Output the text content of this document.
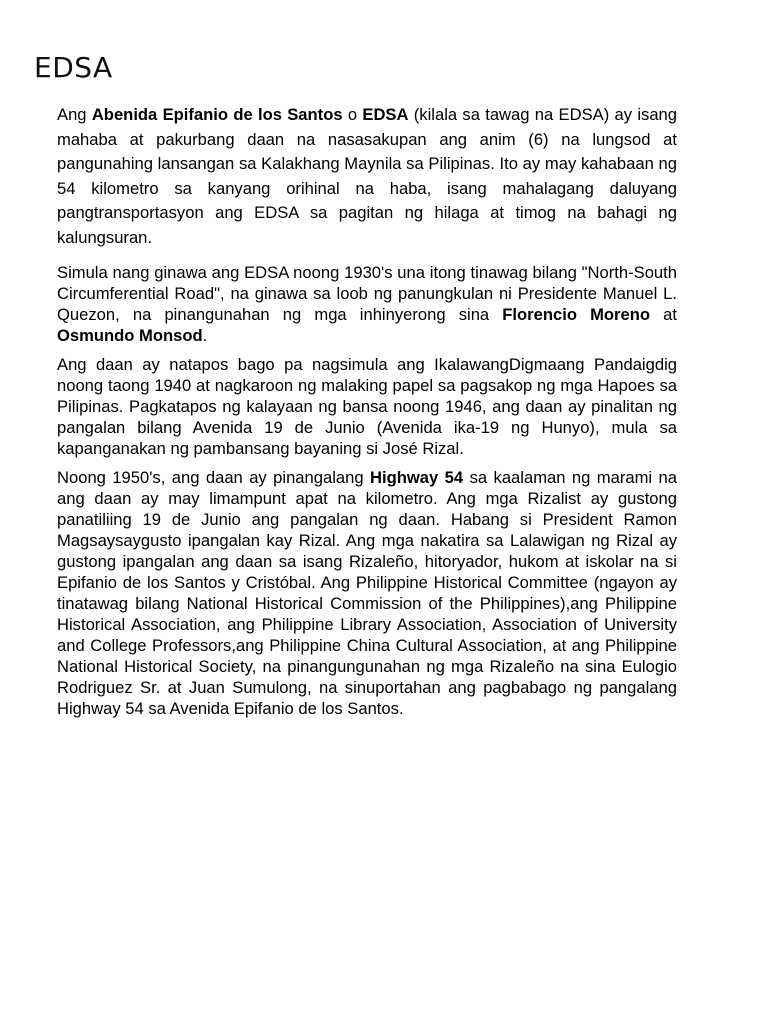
EDSA

Ang Abenida Epifanio de los Santos o EDSA (kilala sa tawag na EDSA) ay isang mahaba at pakurbang daan na nasasakupan ang anim (6) na lungsod at pangunahing lansangan sa Kalakhang Maynila sa Pilipinas. Ito ay may kahabaan ng 54 kilometro sa kanyang orihinal na haba, isang mahalagang daluyang pangtransportasyon ang EDSA sa pagitan ng hilaga at timog na bahagi ng kalungsuran.

Simula nang ginawa ang EDSA noong 1930's una itong tinawag bilang "North-South Circumferential Road", na ginawa sa loob ng panungkulan ni Presidente Manuel L. Quezon, na pinangunahan ng mga inhinyerong sina Florencio Moreno at Osmundo Monsod.

Ang daan ay natapos bago pa nagsimula ang IkalawangDigmaang Pandaigdig noong taong 1940 at nagkaroon ng malaking papel sa pagsakop ng mga Hapoes sa Pilipinas. Pagkatapos ng kalayaan ng bansa noong 1946, ang daan ay pinalitan ng pangalan bilang Avenida 19 de Junio (Avenida ika-19 ng Hunyo), mula sa kapanganakan ng pambansang bayaning si José Rizal.

Noong 1950's, ang daan ay pinangalang Highway 54 sa kaalaman ng marami na ang daan ay may limampunt apat na kilometro. Ang mga Rizalist ay gustong panatiliing 19 de Junio ang pangalan ng daan. Habang si President Ramon Magsaysaygusto ipangalan kay Rizal. Ang mga nakatira sa Lalawigan ng Rizal ay gustong ipangalan ang daan sa isang Rizaleño, hitoryador, hukom at iskolar na si Epifanio de los Santos y Cristóbal. Ang Philippine Historical Committee (ngayon ay tinatawag bilang National Historical Commission of the Philippines),ang Philippine Historical Association, ang Philippine Library Association, Association of University and College Professors,ang Philippine China Cultural Association, at ang Philippine National Historical Society, na pinangungunahan ng mga Rizaleño na sina Eulogio Rodriguez Sr. at Juan Sumulong, na sinuportahan ang pagbabago ng pangalang Highway 54 sa Avenida Epifanio de los Santos.
